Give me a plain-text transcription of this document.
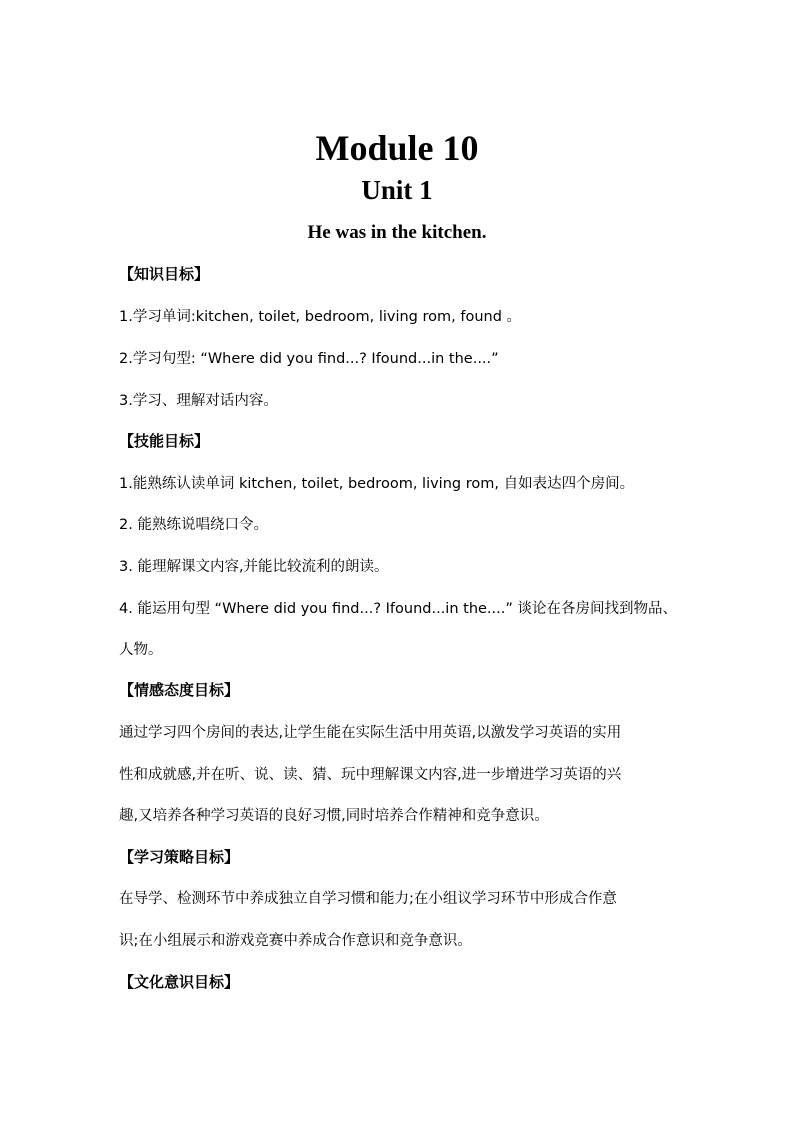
Module 10
Unit 1
He was in the kitchen.
【知识目标】
1.学习单词:kitchen, toilet, bedroom, living rom, found 。
2.学习句型: “Where did you find...? Ifound...in the....”
3.学习、理解对话内容。
【技能目标】
1.能熟练认读单词 kitchen, toilet, bedroom, living rom, 自如表达四个房间。
2. 能熟练说唱绕口令。
3. 能理解课文内容,并能比较流利的朗读。
4. 能运用句型 “Where did you find...? Ifound...in the....” 谈论在各房间找到物品、
人物。
【情感态度目标】
通过学习四个房间的表达,让学生能在实际生活中用英语,以激发学习英语的实用
性和成就感,并在听、说、读、猜、玩中理解课文内容,进一步增进学习英语的兴
趣,又培养各种学习英语的良好习惯,同时培养合作精神和竞争意识。
【学习策略目标】
在导学、检测环节中养成独立自学习惯和能力;在小组议学习环节中形成合作意
识;在小组展示和游戏竞赛中养成合作意识和竞争意识。
【文化意识目标】
